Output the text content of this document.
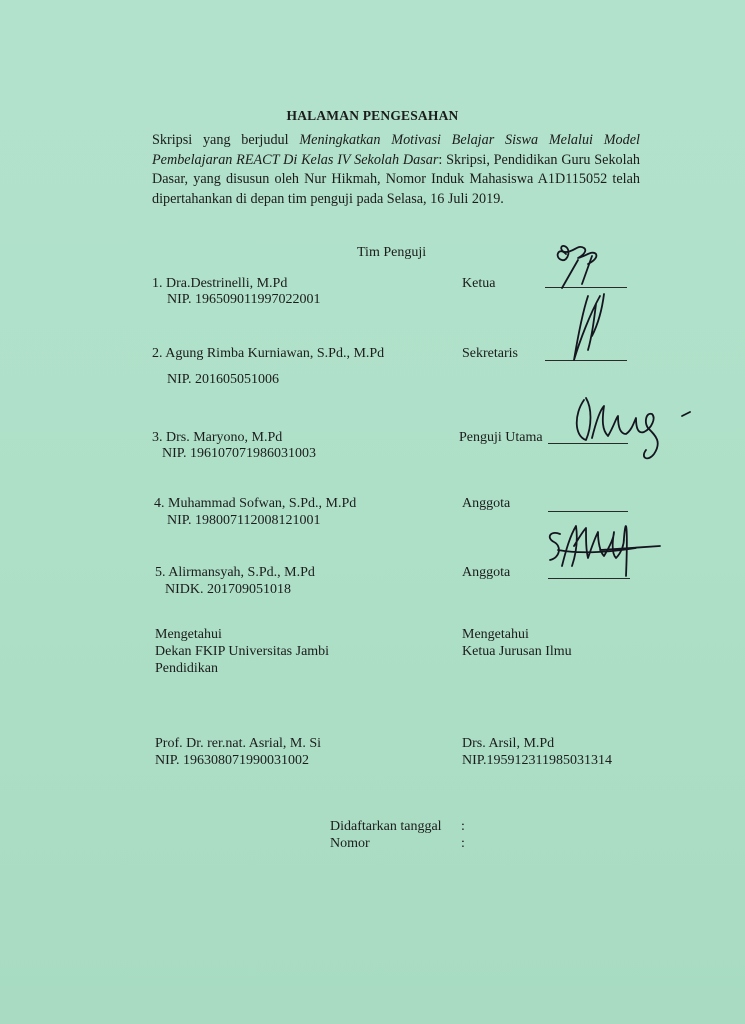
HALAMAN PENGESAHAN
Skripsi yang berjudul Meningkatkan Motivasi Belajar Siswa Melalui Model Pembelajaran REACT Di Kelas IV Sekolah Dasar: Skripsi, Pendidikan Guru Sekolah Dasar, yang disusun oleh Nur Hikmah, Nomor Induk Mahasiswa A1D115052 telah dipertahankan di depan tim penguji pada Selasa, 16 Juli 2019.
Tim Penguji
1. Dra.Destrinelli, M.Pd
NIP. 196509011997022001
Ketua
2. Agung Rimba Kurniawan, S.Pd., M.Pd
NIP. 201605051006
Sekretaris
3. Drs. Maryono, M.Pd
NIP. 196107071986031003
Penguji Utama
4. Muhammad Sofwan, S.Pd., M.Pd
NIP. 198007112008121001
Anggota
5. Alirmansyah, S.Pd., M.Pd
NIDK. 201709051018
Anggota
Mengetahui
Dekan FKIP Universitas Jambi
Pendidikan
Prof. Dr. rer.nat. Asrial, M. Si
NIP. 196308071990031002
Mengetahui
Ketua Jurusan Ilmu
Drs. Arsil, M.Pd
NIP.195912311985031314
Didaftarkan tanggal :
Nomor	:
